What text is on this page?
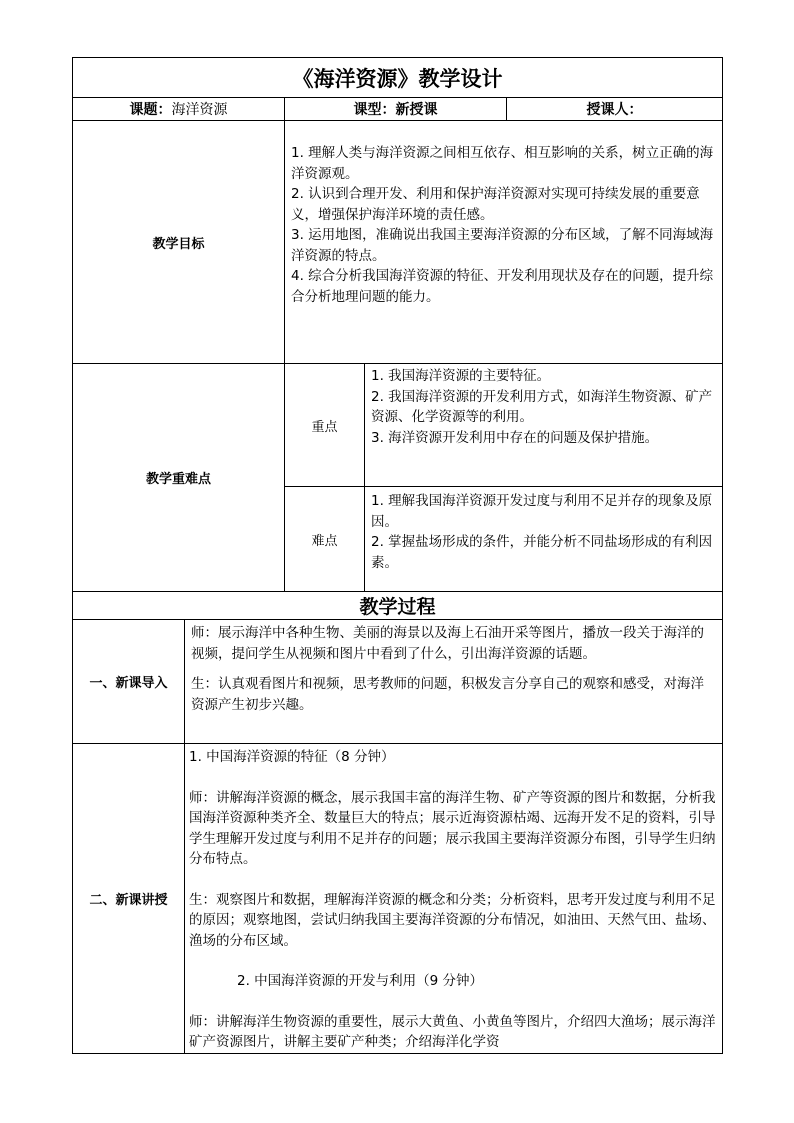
《海洋资源》教学设计				
课题：海洋资源		课型：新授课		授课人：
教学目标		1. 理解人类与海洋资源之间相互依存、相互影响的关系，树立正确的海洋资源观。

2. 认识到合理开发、利用和保护海洋资源对实现可持续发展的重要意义，增强保护海洋环境的责任感。

3. 运用地图，准确说出我国主要海洋资源的分布区域，了解不同海域海洋资源的特点。

4. 综合分析我国海洋资源的特征、开发利用现状及存在的问题，提升综合分析地理问题的能力。		

教学重难点		重点	1. 我国海洋资源的主要特征。

2. 我国海洋资源的开发利用方式，如海洋生物资源、矿产资源、化学资源等的利用。

3. 海洋资源开发利用中存在的问题及保护措施。	

		难点	1. 理解我国海洋资源开发过度与利用不足并存的现象及原因。

2. 掌握盐场形成的条件，并能分析不同盐场形成的有利因素。	

教学过程				
一、新课导入	师：展示海洋中各种生物、美丽的海景以及海上石油开采等图片，播放一段关于海洋的视频，提问学生从视频和图片中看到了什么，引出海洋资源的话题。

生：认真观看图片和视频，思考教师的问题，积极发言分享自己的观察和感受，对海洋资源产生初步兴趣。			

二、新课讲授	1. 中国海洋资源的特征（8 分钟）

师：讲解海洋资源的概念，展示我国丰富的海洋生物、矿产等资源的图片和数据，分析我国海洋资源种类齐全、数量巨大的特点；展示近海资源枯竭、远海开发不足的资料，引导学生理解开发过度与利用不足并存的问题；展示我国主要海洋资源分布图，引导学生归纳分布特点。

生：观察图片和数据，理解海洋资源的概念和分类；分析资料，思考开发过度与利用不足的原因；观察地图，尝试归纳我国主要海洋资源的分布情况，如油田、天然气田、盐场、渔场的分布区域。

2. 中国海洋资源的开发与利用（9 分钟）

师：讲解海洋生物资源的重要性，展示大黄鱼、小黄鱼等图片，介绍四大渔场；展示海洋矿产资源图片，讲解主要矿产种类；介绍海洋化学资			
